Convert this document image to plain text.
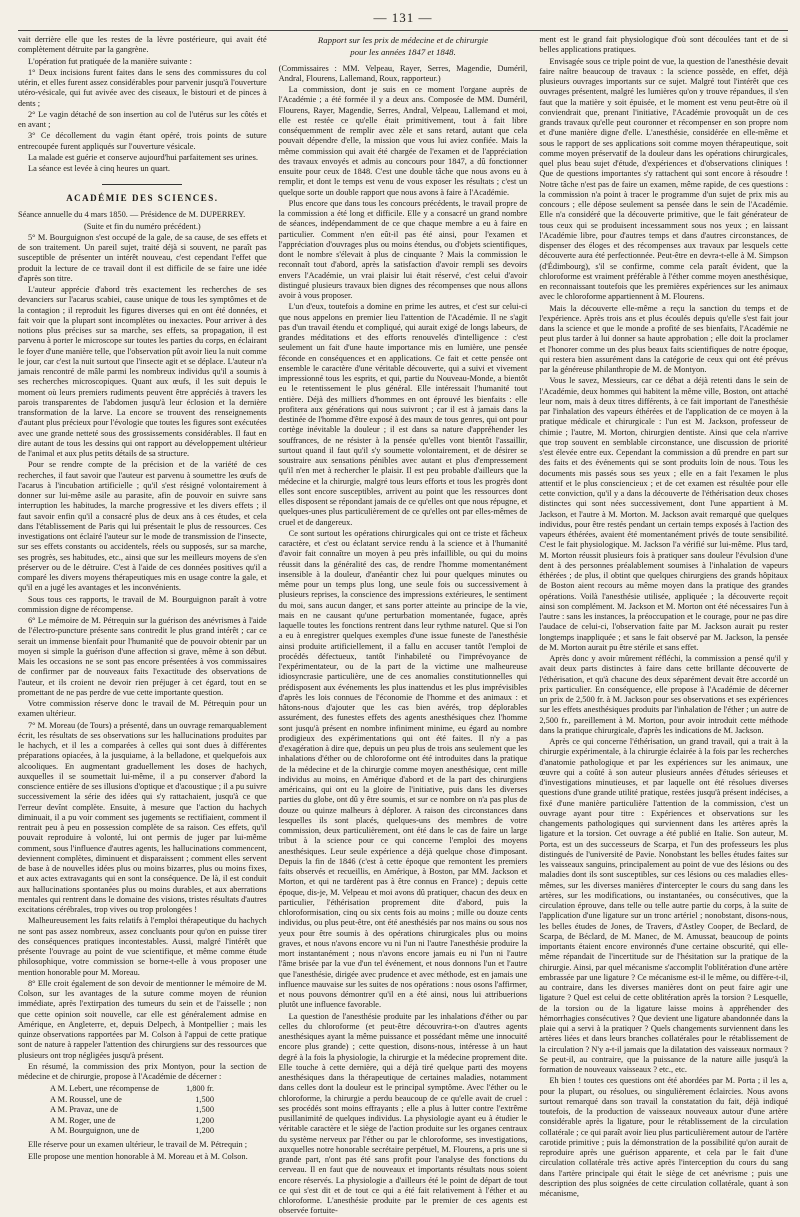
— 131 —

vait derrière elle que les restes de la lèvre postérieure, qui avait été complètement détruite par la gangrène.

L'opération fut pratiquée de la manière suivante :

1° Deux incisions furent faites dans le sens des commissures du col utérin, et elles furent assez considérables pour parvenir jusqu'à l'ouverture utéro-vésicale, qui fut avivée avec des ciseaux, le bistouri et de pinces à dents ;

2° Le vagin détaché de son insertion au col de l'utérus sur les côtés et en avant ;

3° Ce décollement du vagin étant opéré, trois points de suture entrecoupée furent appliqués sur l'ouverture vésicale.

La malade est guérie et conserve aujourd'hui parfaitement ses urines.

La séance est levée à cinq heures un quart.

ACADÉMIE DES SCIENCES.

Séance annuelle du 4 mars 1850. — Présidence de M. DUPERREY.

(Suite et fin du numéro précédent.)

5° M. Bourguignon s'est occupé de la gale, de sa cause, de ses effets et de son traitement. Un pareil sujet, traité déjà si souvent, ne paraît pas susceptible de présenter un intérêt nouveau, c'est cependant l'effet que produit la lecture de ce travail dont il est difficile de se faire une idée d'après son titre.

L'auteur apprécie d'abord très exactement les recherches de ses devanciers sur l'acarus scabiei, cause unique de tous les symptômes et de la contagion ; il reproduit les figures diverses qui en ont été données, et fait voir que la plupart sont incomplètes ou inexactes. Pour arriver à des notions plus précises sur sa marche, ses effets, sa propagation, il est parvenu à porter le microscope sur toutes les parties du corps, en éclairant le foyer d'une manière telle, que l'observation pût avoir lieu la nuit comme le jour, car c'est la nuit surtout que l'insecte agit et se déplace. L'auteur n'a jamais rencontré de mâle parmi les nombreux individus qu'il a soumis à ses recherches microscopiques. Quant aux œufs, il les suit depuis le moment où leurs premiers rudiments peuvent être appréciés à travers les parois transparentes de l'abdomen jusqu'à leur éclosion et la dernière transformation de la larve. La encore se trouvent des renseignements d'autant plus précieux pour l'évologie que toutes les figures sont exécutées avec une grande netteté sous des grossissements considérables. Il faut en dire autant de tous les dessins qui ont rapport au développement ultérieur de l'animal et aux plus petits détails de sa structure.

Pour se rendre compte de la précision et de la variété de ces recherches, il faut savoir que l'auteur est parvenu à soumettre les œufs de l'acarus à l'incubation artificielle ; qu'il s'est résigné volontairement à donner sur lui-même asile au parasite, afin de pouvoir en suivre sans interruption les habitudes, la marche progressive et les divers effets ; il faut savoir enfin qu'il a consacré plus de deux ans à ces études, et cela dans l'établissement de Paris qui lui présentait le plus de ressources. Ces investigations ont éclairé l'auteur sur le mode de transmission de l'insecte, sur ses effets constants ou accidentels, réels ou supposés, sur sa marche, ses progrès, ses habitudes, etc., ainsi que sur les meilleurs moyens de s'en préserver ou de le détruire. C'est à l'aide de ces données positives qu'il a comparé les divers moyens thérapeutiques mis en usage contre la gale, et qu'il en a jugé les avantages et les inconvénients.

Sous tous ces rapports, le travail de M. Bourguignon paraît à votre commission digne de récompense.

6° Le mémoire de M. Pétrequin sur la guérison des anévrismes à l'aide de l'électro-puncture présente sans contredit le plus grand intérêt ; car ce serait un immense bienfait pour l'humanité que de pouvoir obtenir par un moyen si simple la guérison d'une affection si grave, même à son début. Mais les occasions ne se sont pas encore présentées à vos commissaires de confirmer par de nouveaux faits l'exactitude des observations de l'auteur, et ils croient ne devoir rien préjuger à cet égard, tout en se promettant de ne pas perdre de vue cette importante question.

Votre commission réserve donc le travail de M. Pétrequin pour un examen ultérieur.

7° M. Moreau (de Tours) a présenté, dans un ouvrage remarquablement écrit, les résultats de ses observations sur les hallucinations produites par le hachych, et il les a comparées à celles qui sont dues à différentes préparations opiacées, à la jusquiame, à la belladone, et quelquefois aux alcooliques. En augmentant graduellement les doses de hachych, auxquelles il se soumettait lui-même, il a pu conserver d'abord la conscience entière de ses illusions d'optique et d'acoustique ; il a pu suivre successivement la série des idées qui s'y rattachaient, jusqu'à ce que l'erreur devînt complète. Ensuite, à mesure que l'action du hachych diminuait, il a pu voir comment ses jugements se rectifiaient, comment il rentrait peu à peu en possession complète de sa raison. Ces effets, qu'il pouvait reproduire à volonté, lui ont permis de juger par lui-même comment, sous l'influence d'autres agents, les hallucinations commencent, deviennent complètes, diminuent et disparaissent ; comment elles servent de base à de nouvelles idées plus ou moins bizarres, plus ou moins fixes, et aux actes extravagants qui en sont la conséquence. De là, il est conduit aux hallucinations spontanées plus ou moins durables, et aux aberrations mentales qui rentrent dans le domaine des visions, tristes résultats d'autres excitations cérébrales, trop vives ou trop prolongées !

Malheureusement les faits relatifs à l'emploi thérapeutique du hachych ne sont pas assez nombreux, assez concluants pour qu'on en puisse tirer des conséquences pratiques incontestables. Aussi, malgré l'intérêt que présente l'ouvrage au point de vue scientifique, et même comme étude philosophique, votre commission se borne-t-elle à vous proposer une mention honorable pour M. Moreau.

8° Elle croit également de son devoir de mentionner le mémoire de M. Colson, sur les avantages de la suture comme moyen de réunion immédiate, après l'extirpation des tumeurs du sein et de l'aisselle ; non que cette opinion soit nouvelle, car elle est généralement admise en Amérique, en Angleterre, et, depuis Delpech, à Montpellier ; mais les quinze observations rapportées par M. Colson à l'appui de cette pratique sont de nature à rappeler l'attention des chirurgiens sur des ressources que plusieurs ont trop négligées jusqu'à présent.

En résumé, la commission des prix Montyon, pour la section de médecine et de chirurgie, propose à l'Académie de décerner :

A M. Lebert, une récompense de	1,800 fr.
A M. Roussel, une de	1,500
A M. Pravaz, une de	1,500
A M. Roger, une de	1,200
A M. Bourguignon, une de	1,200

Elle réserve pour un examen ultérieur, le travail de M. Pétrequin ;

Elle propose une mention honorable à M. Moreau et à M. Colson.

Rapport sur les prix de médecine et de chirurgie
pour les années 1847 et 1848.

(Commissaires : MM. Velpeau, Rayer, Serres, Magendie, Duméril, Andral, Flourens, Lallemand, Roux, rapporteur.)

La commission, dont je suis en ce moment l'organe auprès de l'Académie ; a été formée il y a deux ans. Composée de MM. Duméril, Flourens, Rayer, Magendie, Serres, Andral, Velpeau, Lallemand et moi, elle est restée ce qu'elle était primitivement, tout à fait libre conséquemment de remplir avec zèle et sans retard, autant que cela pouvait dépendre d'elle, la mission que vous lui aviez confiée. Mais la même commission qui avait été chargée de l'examen et de l'appréciation des travaux envoyés et admis au concours pour 1847, a dû fonctionner ensuite pour ceux de 1848. C'est une double tâche que nous avons eu à remplir, et dont le temps est venu de vous exposer les résultats ; c'est un quelque sorte un double rapport que nous avons à faire à l'Académie.

Plus encore que dans tous les concours précédents, le travail propre de la commission a été long et difficile. Elle y a consacré un grand nombre de séances, indépendamment de ce que chaque membre a eu à faire en particulier. Comment n'en eût-il pas été ainsi, pour l'examen et l'appréciation d'ouvrages plus ou moins étendus, ou d'objets scientifiques, dont le nombre s'élevait à plus de cinquante ? Mais la commission le reconnaît tout d'abord, après la satisfaction d'avoir rempli ses devoirs envers l'Académie, un vrai plaisir lui était réservé, c'est celui d'avoir distingué plusieurs travaux bien dignes des récompenses que nous allons avoir à vous proposer.

L'un d'eux, toutefois a domine en prime les autres, et c'est sur celui-ci que nous appelons en premier lieu l'attention de l'Académie. Il ne s'agit pas d'un travail étendu et compliqué, qui aurait exigé de longs labeurs, de grandes méditations et des efforts renouvelés d'intelligence : c'est seulement un fait d'une haute importance mis en lumière, une pensée féconde en conséquences et en applications. Ce fait et cette pensée ont ensemble le caractère d'une véritable découverte, qui a suivi et vivement impressionné tous les esprits, et qui, partie du Nouveau-Monde, a bientôt eu le retentissement le plus général. Elle intéressait l'humanité tout entière. Déjà des milliers d'hommes en ont éprouvé les bienfaits : elle profitera aux générations qui nous suivront ; car il est à jamais dans la destinée de l'homme d'être exposé à des maux de tous genres, qui ont pour cortège inévitable la douleur ; il est dans sa nature d'appréhender les souffrances, de ne résister à la pensée qu'elles vont bientôt l'assaillir, surtout quand il faut qu'il s'y soumette volontairement, et de désirer se soustraire aux sensations pénibles avec autant et plus d'empressement qu'il n'en met à rechercher le plaisir. Il est peu probable d'ailleurs que la médecine et la chirurgie, malgré tous leurs efforts et tous les progrès dont elles sont encore susceptibles, arrivent au point que les ressources dont elles disposent se répondant jamais de ce qu'elles ont que nous répugne, et quelques-unes plus particulièrement de ce qu'elles ont par elles-mêmes de cruel et de dangereux.

Ce sont surtout les opérations chirurgicales qui ont ce triste et fâcheux caractère, et c'est ou éclatant service rendu à la science et à l'humanité d'avoir fait connaître un moyen à peu près infaillible, ou qui du moins réussit dans la généralité des cas, de rendre l'homme momentanément insensible à la douleur, d'anéantir chez lui pour quelques minutes ou même pour un temps plus long, une seule fois ou successivement à plusieurs reprises, la conscience des impressions extérieures, le sentiment du moi, sans aucun danger, et sans porter atteinte au principe de la vie, mais en ne causant qu'une perturbation momentanée, fugace, après laquelle toutes les fonctions rentrent dans leur rythme naturel. Que si l'on a eu à enregistrer quelques exemples d'une issue funeste de l'anesthésie ainsi produite artificiellement, il a fallu en accuser tantôt l'emploi de procédés défectueux, tantôt l'inhabileté ou l'imprévoyance de l'expérimentateur, ou de la part de la victime une malheureuse idiosyncrasie particulière, une de ces anomalies constitutionnelles qui prédisposent aux événements les plus inattendus et les plus imprévisibles d'après les lois connues de l'économie de l'homme et des animaux : et hâtons-nous d'ajouter que les cas bien avérés, trop déplorables assurément, des funestes effets des agents anesthésiques chez l'homme sont jusqu'à présent en nombre infiniment minime, eu égard au nombre prodigieux des expérimentations qui ont été faites. Il n'y a pas d'exagération à dire que, depuis un peu plus de trois ans seulement que les inhalations d'éther ou de chloroforme ont été introduites dans la pratique de la médecine et de la chirurgie comme moyen anesthésique, cent mille individus au moins, en Amérique d'abord et de la part des chirurgiens américains, qui ont eu la gloire de l'initiative, puis dans les diverses parties du globe, ont dû y être soumis, et sur ce nombre on n'a pas plus de douze ou quinze malheurs à déplorer. A raison des circonstances dans lesquelles ils sont placés, quelques-uns des membres de votre commission, deux particulièrement, ont été dans le cas de faire un large tribut à la science pour ce qui concerne l'emploi des moyens anesthésiques. Leur seule expérience a déjà quelque chose d'imposant. Depuis la fin de 1846 (c'est à cette époque que remontent les premiers faits observés et recueillis, en Amérique, à Boston, par MM. Jackson et Morton, et qui ne tardèrent pas à être connus en France) ; depuis cette époque, dis-je, M. Velpeau et moi avons dû pratiquer, chacun des deux en particulier, l'éthérisation proprement dite d'abord, puis la chloroformisation, cinq ou six cents fois au moins ; mille ou douze cents individus, ou plus peut-être, ont été anesthésiés par nos mains ou sous nos yeux pour être soumis à des opérations chirurgicales plus ou moins graves, et nous n'avons encore vu ni l'un ni l'autre l'anesthésie produire la mort instantanément ; nous n'avons encore jamais eu ni l'un ni l'autre l'âme brisée par la vue d'un tel événement, et nous donnons l'un et l'autre que l'anesthésie, dirigée avec prudence et avec méthode, est en jamais une influence mauvaise sur les suites de nos opérations : nous osons l'affirmer, et nous pouvons démontrer qu'il en a été ainsi, nous lui attribuerions plutôt une influence favorable.

La question de l'anesthésie produite par les inhalations d'éther ou par celles du chloroforme (et peut-être découvrira-t-on d'autres agents anesthésiques ayant la même puissance et possédant même une innocuité encore plus grande) ; cette question, disons-nous, intéresse à un haut degré à la fois la physiologie, la chirurgie et la médecine proprement dite. Elle touche à cette dernière, qui a déjà tiré quelque parti des moyens anesthésiques dans la thérapeutique de certaines maladies, notamment dans celles dont la douleur est le principal symptôme. Avec l'éther ou le chloroforme, la chirurgie a perdu beaucoup de ce qu'elle avait de cruel : ses procédés sont moins effrayants ; elle a plus à lutter contre l'extrême pusillanimité de quelques individus. La physiologie ayant eu à étudier le véritable caractère et le siège de l'action produite sur les organes centraux du système nerveux par l'éther ou par le chloroforme, ses investigations, auxquelles notre honorable secrétaire perpétuel, M. Flourens, a pris une si grande part, n'ont pas été sans profit pour l'analyse des fonctions du cerveau. Il en faut que de nouveaux et importants résultats nous soient encore réservés. La physiologie a d'ailleurs été le point de départ de tout ce qui s'est dit et de tout ce qui a été fait relativement à l'éther et au chloroforme. L'anesthésie produite par le premier de ces agents est observée fortuite-

ment est le grand fait physiologique d'où sont découlées tant et de si belles applications pratiques.

Envisagée sous ce triple point de vue, la question de l'anesthésie devait faire naître beaucoup de travaux : la science possède, en effet, déjà plusieurs ouvrages importants sur ce sujet. Malgré tout l'intérêt que ces ouvrages présentent, malgré les lumières qu'on y trouve répandues, il s'en faut que la matière y soit épuisée, et le moment est venu peut-être où il conviendrait que, prenant l'initiative, l'Académie provoquât un de ces grands travaux qu'elle peut couronner et récompenser en son propre nom et d'une manière digne d'elle. L'anesthésie, considérée en elle-même et sous le rapport de ses applications soit comme moyen thérapeutique, soit comme moyen préservatif de la douleur dans les opérations chirurgicales, quel plus beau sujet d'étude, d'expériences et d'observations cliniques ! Que de questions importantes s'y rattachent qui sont encore à résoudre ! Notre tâche n'est pas de faire un examen, même rapide, de ces questions : la commission n'a point à tracer le programme d'un sujet de prix mis au concours ; elle dépose seulement sa pensée dans le sein de l'Académie. Elle n'a considéré que la découverte primitive, que le fait générateur de tous ceux qui se produisent incessamment sous nos yeux ; en laissant l'Académie libre, pour d'autres temps et dans d'autres circonstances, de dispenser des éloges et des récompenses aux travaux par lesquels cette découverte aura été perfectionnée. Peut-être en devra-t-elle à M. Simpson (d'Édimbourg), s'il se confirme, comme cela paraît évident, que la chloroforme est vraiment préférable à l'éther comme moyen anesthésique, en reconnaissant toutefois que les premières expériences sur les animaux avec le chloroforme appartiennent à M. Flourens.

Mais la découverte elle-même a reçu la sanction du temps et de l'expérience. Après trois ans et plus écoulés depuis qu'elle s'est fait jour dans la science et que le monde a profité de ses bienfaits, l'Académie ne peut plus tarder à lui donner sa haute approbation ; elle doit la proclamer et l'honorer comme un des plus beaux faits scientifiques de notre époque, qui restera bien assurément dans la catégorie de ceux qui ont été prévus par la généreuse philanthropie de M. de Montyon.

Vous le savez, Messieurs, car ce débat a déjà retenti dans le sein de l'Académie, deux hommes qui habitent la même ville, Boston, ont attaché leur nom, mais à deux titres différents, à ce fait important de l'anesthésie par l'inhalation des vapeurs éthérées et de l'application de ce moyen à la pratique médicale et chirurgicale : l'un est M. Jackson, professeur de chimie ; l'autre, M. Morton, chirurgien dentiste. Ainsi que cela n'arrive que trop souvent en semblable circonstance, une discussion de priorité s'est élevée entre eux. Cependant la commission a dû prendre en part sur des faits et des événements qui se sont produits loin de nous. Tous les documents mis passés sous ses yeux ; elle en a fait l'examen le plus attentif et le plus consciencieux ; et de cet examen est résultée pour elle cette conviction, qu'il y a dans la découverte de l'éthérisation deux choses distinctes qui sont nées successivement, dont l'une appartient à M. Jackson, et l'autre à M. Morton. M. Jackson avait remarqué que quelques individus, pour être restés pendant un certain temps exposés à l'action des vapeurs éthérées, avaient été momentanément privés de toute sensibilité. C'est le fait physiologique. M. Jackson l'a vérifié sur lui-même. Plus tard, M. Morton réussit plusieurs fois à pratiquer sans douleur l'évulsion d'une dent à des personnes préalablement soumises à l'inhalation de vapeurs éthérées ; de plus, il obtint que quelques chirurgiens des grands hôpitaux de Boston aient recours au même moyen dans la pratique des grandes opérations. Voilà l'anesthésie utilisée, appliquée ; la découverte reçoit ainsi son complément. M. Jackson et M. Morton ont été nécessaires l'un à l'autre : sans les instances, la préoccupation et le courage, pour ne pas dire l'audace de celui-ci, l'observation faite par M. Jackson aurait pu rester longtemps inappliquée ; et sans le fait observé par M. Jackson, la pensée de M. Morton aurait pu être stérile et sans effet.

Après donc y avoir mûrement réfléchi, la commission a pensé qu'il y avait deux parts distinctes à faire dans cette brillante découverte de l'éthérisation, et qu'à chacune des deux séparément devait être accordé un prix particulier. En conséquence, elle propose à l'Académie de décerner un prix de 2,500 fr. à M. Jackson pour ses observations et ses expériences sur les effets anesthésiques produits par l'inhalation de l'éther ; un autre de 2,500 fr., pareillement à M. Morton, pour avoir introduit cette méthode dans la pratique chirurgicale, d'après les indications de M. Jackson.

Après ce qui concerne l'éthérisation, un grand travail, qui a trait à la chirurgie expérimentale, à la chirurgie éclairée à la fois par les recherches d'anatomie pathologique et par les expériences sur les animaux, une œuvre qui a coûté à son auteur plusieurs années d'études sérieuses et d'investigations minutieuses, et par laquelle ont été résolues diverses questions d'une grande utilité pratique, restées jusqu'à présent indécises, a fixé d'une manière particulière l'attention de la commission, c'est un ouvrage ayant pour titre : Expériences et observations sur les changements pathologiques qui surviennent dans les artères après la ligature et la torsion. Cet ouvrage a été publié en Italie. Son auteur, M. Porta, est un des successeurs de Scarpa, et l'un des professeurs les plus distingués de l'université de Pavie. Nonobstant les belles études faites sur les vaisseaux sanguins, principalement au point de vue des lésions ou des maladies dont ils sont susceptibles, sur ces lésions ou ces maladies elles-mêmes, sur les diverses manières d'intercepter le cours du sang dans les artères, sur les modifications, ou instantanées, ou consécutives, que la circulation éprouve, dans telle ou telle autre partie du corps, à la suite de l'application d'une ligature sur un tronc artériel ; nonobstant, disons-nous, les belles études de Jones, de Travers, d'Astley Cooper, de Beclard, de Scarpa, de Béclard, de M. Manec, de M. Amussat, beaucoup de points importants étaient encore environnés d'une certaine obscurité, qui elle-même répandait de l'incertitude sur de l'hésitation sur la pratique de la chirurgie. Ainsi, par quel mécanisme s'accomplit l'oblitération d'une artère embrassée par une ligature ? Ce mécanisme est-il le même, ou diffère-t-il, au contraire, dans les diverses manières dont on peut faire agir une ligature ? Quel est celui de cette oblitération après la torsion ? Lesquelle, de la torsion ou de la ligature laisse moins à appréhender des hémorrhagies consécutives ? Que devient une ligature abandonnée dans la plaie qui a servi à la pratiquer ? Quels changements surviennent dans les artères liées et dans leurs branches collatérales pour le rétablissement de la circulation ? N'y a-t-il jamais que la dilatation des vaisseaux normaux ? Se peut-il, au contraire, que la puissance de la nature aille jusqu'à la formation de nouveaux vaisseaux ? etc., etc.

Eh bien ! toutes ces questions ont été abordées par M. Porta ; il les a, pour la plupart, ou résolues, ou singulièrement éclaircies. Nous avons surtout remarqué dans son travail la constatation du fait, déjà indiqué toutefois, de la production de vaisseaux nouveaux autour d'une artère considérable après la ligature, pour le rétablissement de la circulation collatérale ; ce qui paraît avoir lieu plus particulièrement autour de l'artère carotide primitive ; puis la démonstration de la possibilité qu'on aurait de reproduire après une guérison apparente, et cela par le fait d'une circulation collatérale très active après l'interception du cours du sang dans l'artère principale qui était le siège de cet anévrisme ; puis une description des plus soignées de cette circulation collatérale, quant à son mécanisme,
